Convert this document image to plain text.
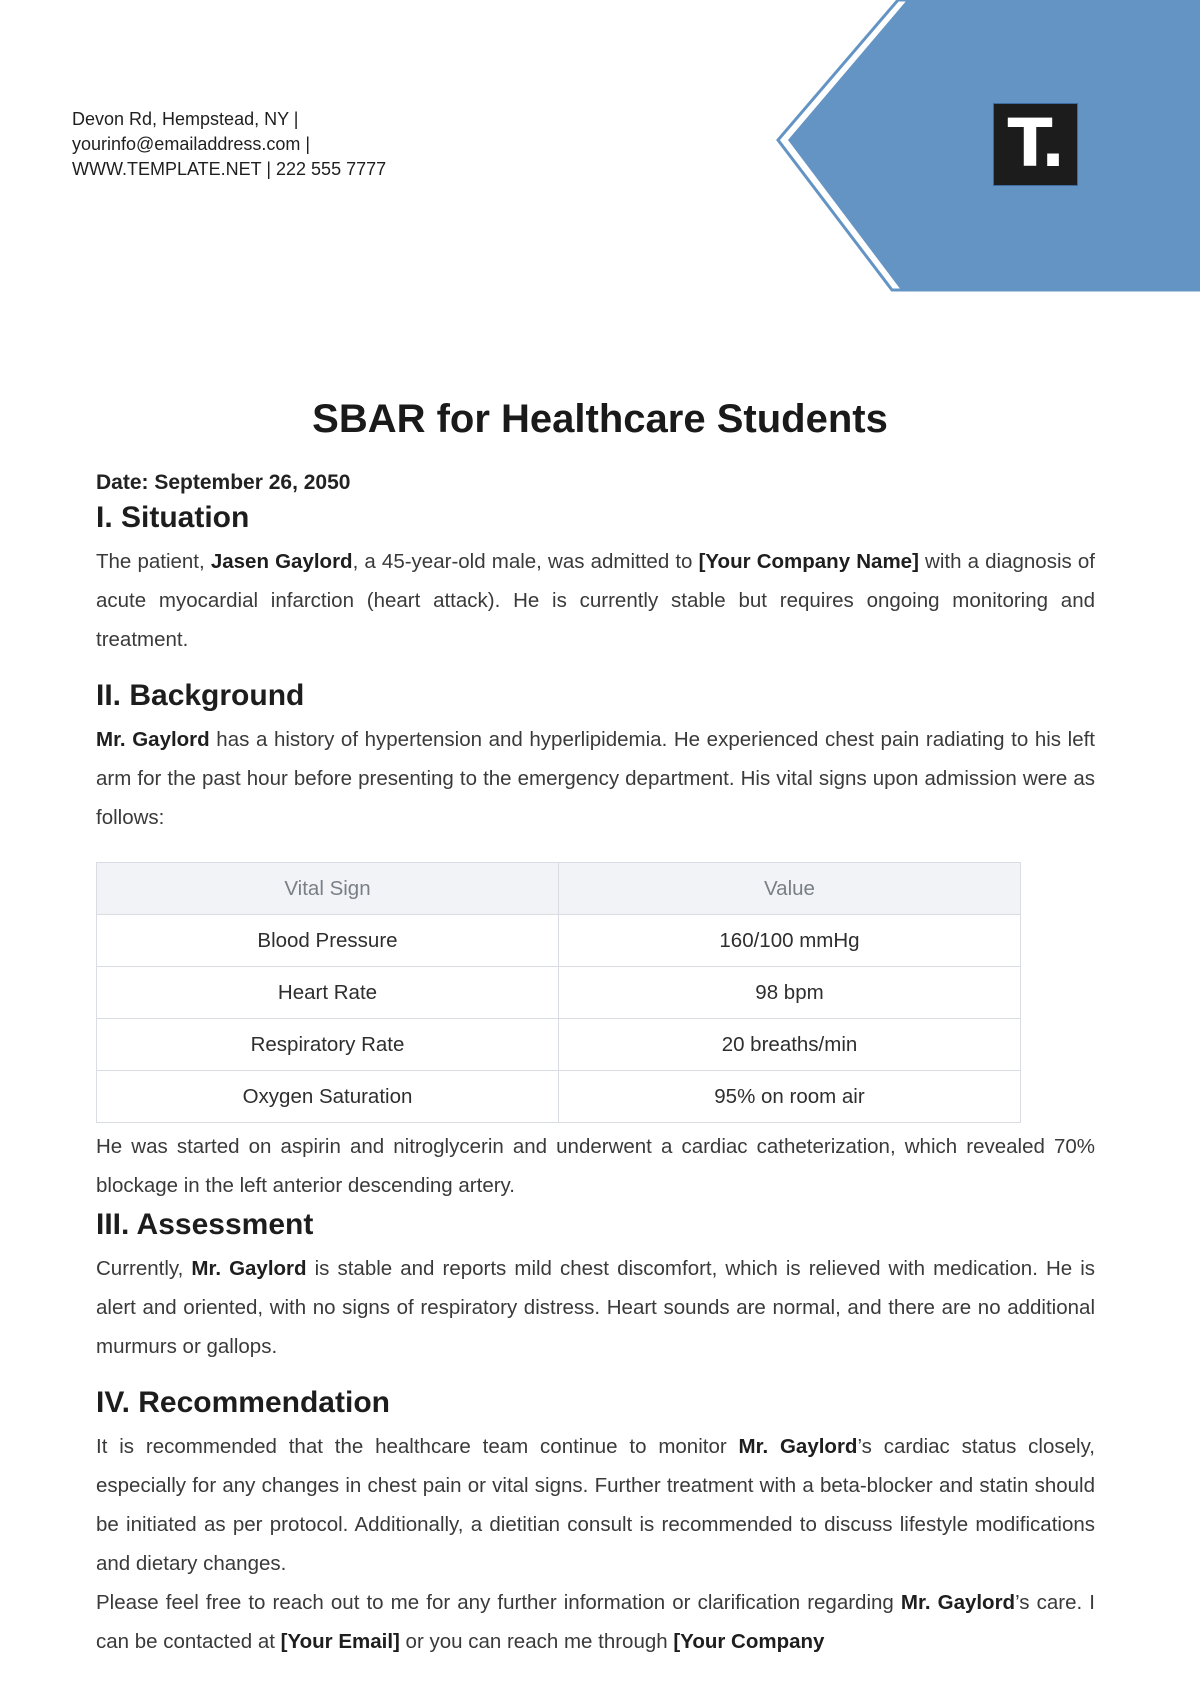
Devon Rd, Hempstead, NY |
yourinfo@emailaddress.com |
WWW.TEMPLATE.NET | 222 555 7777	T.
SBAR for Healthcare Students
Date: September 26, 2050
I. Situation

The patient, Jasen Gaylord, a 45-year-old male, was admitted to [Your Company Name] with a diagnosis of acute myocardial infarction (heart attack). He is currently stable but requires ongoing monitoring and treatment.

II. Background

Mr. Gaylord has a history of hypertension and hyperlipidemia. He experienced chest pain radiating to his left arm for the past hour before presenting to the emergency department. His vital signs upon admission were as follows:

Vital Sign	Value
Blood Pressure	160/100 mmHg
Heart Rate	98 bpm
Respiratory Rate	20 breaths/min
Oxygen Saturation	95% on room air

He was started on aspirin and nitroglycerin and underwent a cardiac catheterization, which revealed 70% blockage in the left anterior descending artery.

III. Assessment

Currently, Mr. Gaylord is stable and reports mild chest discomfort, which is relieved with medication. He is alert and oriented, with no signs of respiratory distress. Heart sounds are normal, and there are no additional murmurs or gallops.

IV. Recommendation

It is recommended that the healthcare team continue to monitor Mr. Gaylord’s cardiac status closely, especially for any changes in chest pain or vital signs. Further treatment with a beta-blocker and statin should be initiated as per protocol. Additionally, a dietitian consult is recommended to discuss lifestyle modifications and dietary changes.

Please feel free to reach out to me for any further information or clarification regarding Mr. Gaylord’s care. I can be contacted at [Your Email] or you can reach me through [Your Company
